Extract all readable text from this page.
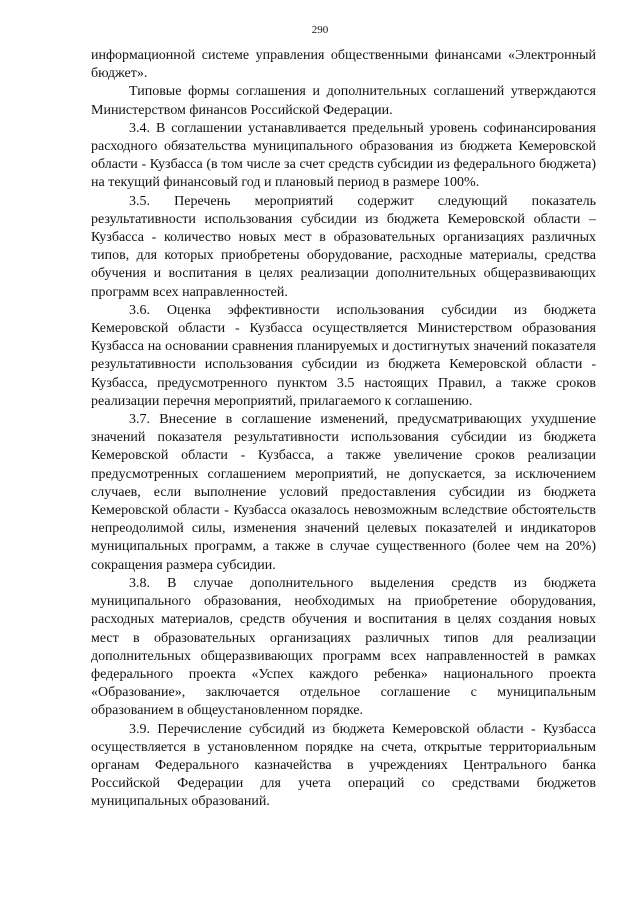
290

информационной системе управления общественными финансами «Электронный бюджет».

Типовые формы соглашения и дополнительных соглашений утверждаются Министерством финансов Российской Федерации.

3.4. В соглашении устанавливается предельный уровень софинансирования расходного обязательства муниципального образования из бюджета Кемеровской области - Кузбасса (в том числе за счет средств субсидии из федерального бюджета) на текущий финансовый год и плановый период в размере 100%.

3.5. Перечень мероприятий содержит следующий показатель результативности использования субсидии из бюджета Кемеровской области – Кузбасса - количество новых мест в образовательных организациях различных типов, для которых приобретены оборудование, расходные материалы, средства обучения и воспитания в целях реализации дополнительных общеразвивающих программ всех направленностей.

3.6. Оценка эффективности использования субсидии из бюджета Кемеровской области - Кузбасса осуществляется Министерством образования Кузбасса на основании сравнения планируемых и достигнутых значений показателя результативности использования субсидии из бюджета Кемеровской области - Кузбасса, предусмотренного пунктом 3.5 настоящих Правил, а также сроков реализации перечня мероприятий, прилагаемого к соглашению.

3.7. Внесение в соглашение изменений, предусматривающих ухудшение значений показателя результативности использования субсидии из бюджета Кемеровской области - Кузбасса, а также увеличение сроков реализации предусмотренных соглашением мероприятий, не допускается, за исключением случаев, если выполнение условий предоставления субсидии из бюджета Кемеровской области - Кузбасса оказалось невозможным вследствие обстоятельств непреодолимой силы, изменения значений целевых показателей и индикаторов муниципальных программ, а также в случае существенного (более чем на 20%) сокращения размера субсидии.

3.8. В случае дополнительного выделения средств из бюджета муниципального образования, необходимых на приобретение оборудования, расходных материалов, средств обучения и воспитания в целях создания новых мест в образовательных организациях различных типов для реализации дополнительных общеразвивающих программ всех направленностей в рамках федерального проекта «Успех каждого ребенка» национального проекта «Образование», заключается отдельное соглашение с муниципальным образованием в общеустановленном порядке.

3.9. Перечисление субсидий из бюджета Кемеровской области - Кузбасса осуществляется в установленном порядке на счета, открытые территориальным органам Федерального казначейства в учреждениях Центрального банка Российской Федерации для учета операций со средствами бюджетов муниципальных образований.
